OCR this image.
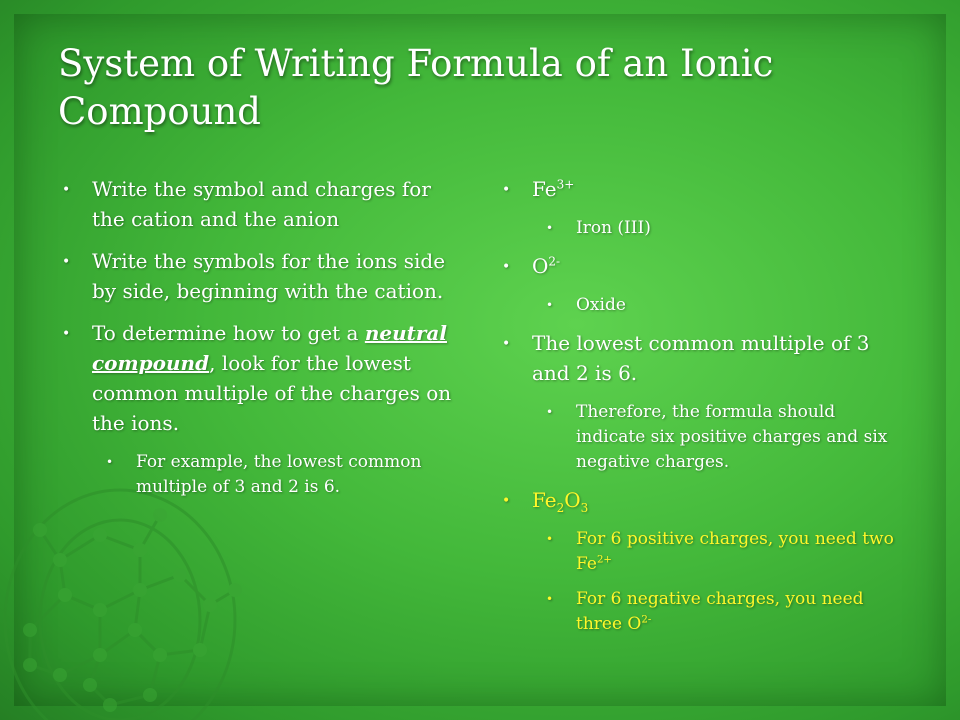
System of Writing Formula of an Ionic Compound
• Write the symbol and charges for the cation and the anion
• Write the symbols for the ions side by side, beginning with the cation.
• To determine how to get a neutral compound, look for the lowest common multiple of the charges on the ions.
• For example, the lowest common multiple of 3 and 2 is 6.
• $Fe^{3+}$
• Iron (III)
• $O^{2-}$
• Oxide
• The lowest common multiple of 3 and 2 is 6.
• Therefore, the formula should indicate six positive charges and six negative charges.
• $Fe_2O_3$
• For 6 positive charges, you need two $Fe^{2+}$
• For 6 negative charges, you need three $O^{2-}$
